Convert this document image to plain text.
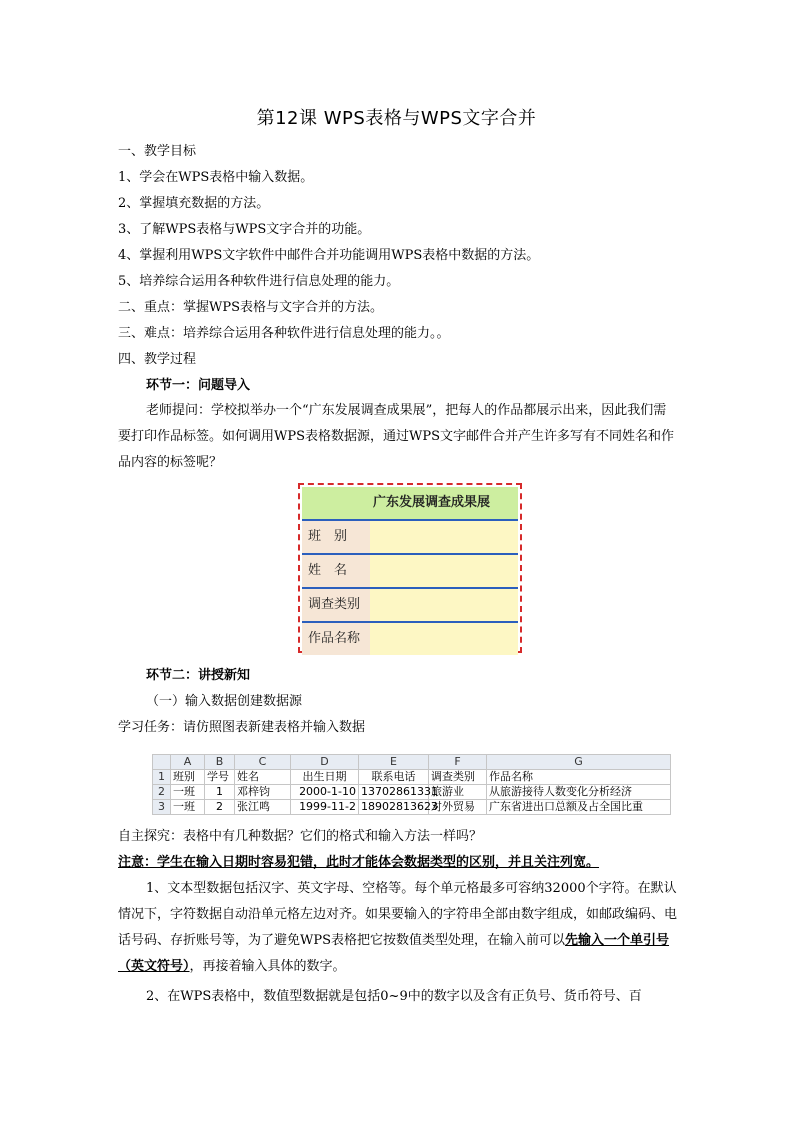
第12课 WPS表格与WPS文字合并
一、教学目标
1、学会在WPS表格中输入数据。
2、掌握填充数据的方法。
3、了解WPS表格与WPS文字合并的功能。
4、掌握利用WPS文字软件中邮件合并功能调用WPS表格中数据的方法。
5、培养综合运用各种软件进行信息处理的能力。
二、重点：掌握WPS表格与文字合并的方法。
三、难点：培养综合运用各种软件进行信息处理的能力。。
四、教学过程
环节一：问题导入
老师提问：学校拟举办一个“广东发展调查成果展”，把每人的作品都展示出来，因此我们需要打印作品标签。如何调用WPS表格数据源，通过WPS文字邮件合并产生许多写有不同姓名和作品内容的标签呢？
广东发展调查成果展
班　别
姓　名
调查类别
作品名称
环节二：讲授新知
（一）输入数据创建数据源
学习任务：请仿照图表新建表格并输入数据
	A	B	C	D	E	F	G
1	班别	学号	姓名	出生日期	联系电话	调查类别	作品名称
2	一班	1	邓梓钧	2000-1-10	13702861331	旅游业	从旅游接待人数变化分析经济
3	一班	2	张江鸣	1999-11-2	18902813623	对外贸易	广东省进出口总额及占全国比重
自主探究：表格中有几种数据？它们的格式和输入方法一样吗？
注意：学生在输入日期时容易犯错，此时才能体会数据类型的区别，并且关注列宽。
1、文本型数据包括汉字、英文字母、空格等。每个单元格最多可容纳32000个字符。在默认情况下，字符数据自动沿单元格左边对齐。如果要输入的字符串全部由数字组成，如邮政编码、电话号码、存折账号等，为了避免WPS表格把它按数值类型处理，在输入前可以先输入一个单引号（英文符号），再接着输入具体的数字。
2、在WPS表格中，数值型数据就是包括0~9中的数字以及含有正负号、货币符号、百
